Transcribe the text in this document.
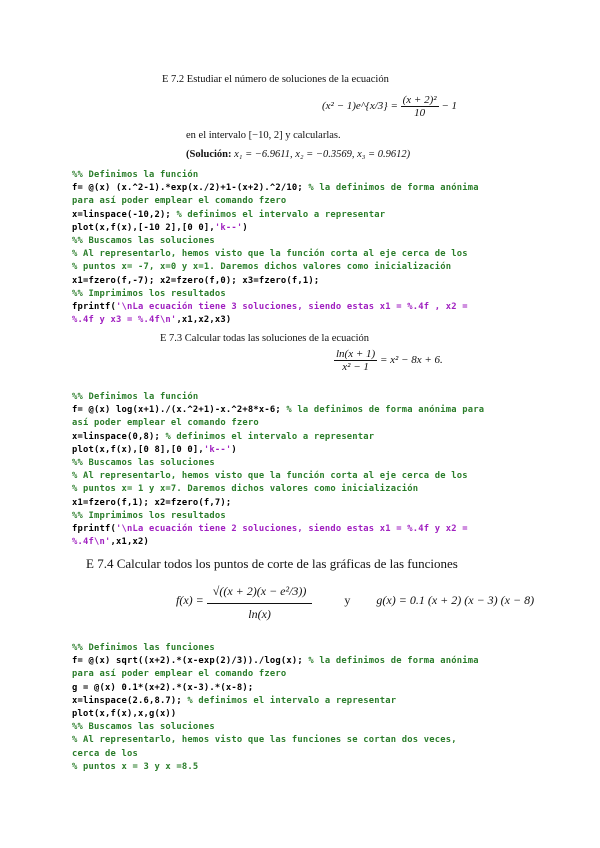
E 7.2 Estudiar el número de soluciones de la ecuación
(x² − 1)e^{x/3} = $\frac{\text{(x + 2)²}}{10} - 1$
en el intervalo [−10, 2] y calcularlas.
(Solución: x₁ = −6.9611, x₂ = −0.3569, x₃ = 0.9612)
%% Definimos la función
f= @(x) (x.^2-1).*exp(x./2)+1-(x+2).^2/10; % la definimos de forma anónima
para así poder emplear el comando fzero
x=linspace(-10,2); % definimos el intervalo a representar
plot(x,f(x),[-10 2],[0 0],'k--')
%% Buscamos las soluciones
% Al representarlo, hemos visto que la función corta al eje cerca de los
% puntos x= -7, x=0 y x=1. Daremos dichos valores como inicialización
x1=fzero(f,-7); x2=fzero(f,0); x3=fzero(f,1);
%% Imprimimos los resultados
fprintf('\nLa ecuación tiene 3 soluciones, siendo estas x1 = %.4f , x2 =
%.4f y x3 = %.4f\n',x1,x2,x3)
E 7.3 Calcular todas las soluciones de la ecuación
$\frac{\ln(x + 1)}{\text{x² − 1}} = x^2 - 8x + 6$.
%% Definimos la función
f= @(x) log(x+1)./(x.^2+1)-x.^2+8*x-6; % la definimos de forma anónima para
así poder emplear el comando fzero
x=linspace(0,8); % definimos el intervalo a representar
plot(x,f(x),[0 8],[0 0],'k--')
%% Buscamos las soluciones
% Al representarlo, hemos visto que la función corta al eje cerca de los
% puntos x= 1 y x=7. Daremos dichos valores como inicialización
x1=fzero(f,1); x2=fzero(f,7);
%% Imprimimos los resultados
fprintf('\nLa ecuación tiene 2 soluciones, siendo estas x1 = %.4f y x2 =
%.4f\n',x1,x2)
E 7.4 Calcular todos los puntos de corte de las gráficas de las funciones
$f(x) = \frac{\text{√((x + 2)(x − e²/3))}}{\ln(x)}$	y g(x) = 0.1 (x + 2) (x − 3) (x − 8)
%% Definimos las funciones
f= @(x) sqrt((x+2).*(x-exp(2)/3))./log(x); % la definimos de forma anónima
para así poder emplear el comando fzero
g = @(x) 0.1*(x+2).*(x-3).*(x-8);
x=linspace(2.6,8.7); % definimos el intervalo a representar
plot(x,f(x),x,g(x))
%% Buscamos las soluciones
% Al representarlo, hemos visto que las funciones se cortan dos veces,
cerca de los
% puntos x = 3 y x =8.5
